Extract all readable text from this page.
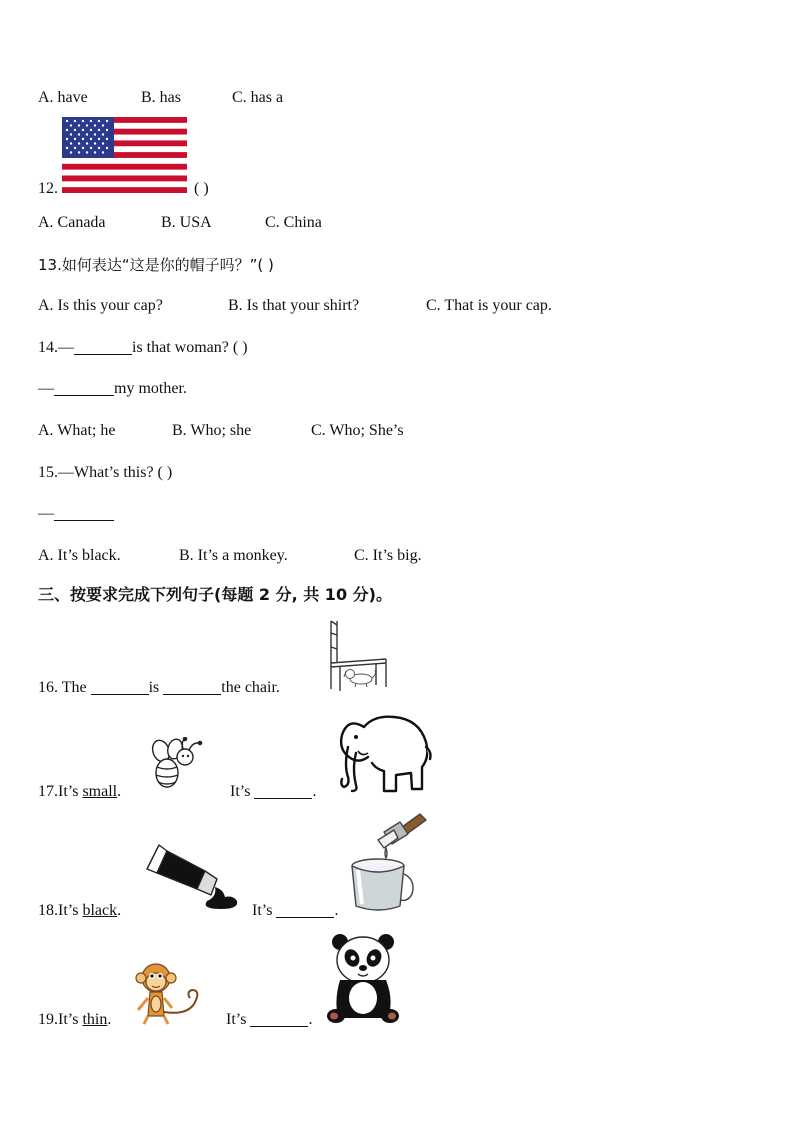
A. have	B. has	C. has a
12.	( )
A. Canada	B. USA	C. China
13.如何表达“这是你的帽子吗？”( )
A. Is this your cap?	B. Is that your shirt?	C. That is your cap.
14.—	is that woman? ( )
—	my mother.
A. What; he	B. Who; she	C. Who; She’s
15.—What’s this? ( )
—
A. It’s black.	B. It’s a monkey.	C. It’s big.
三、按要求完成下列句子(每题 2 分, 共 10 分)。
16. The	is	the chair.
17.It’s small.	It’s	.
18.It’s black.	It’s	.
19.It’s thin.	It’s	.
